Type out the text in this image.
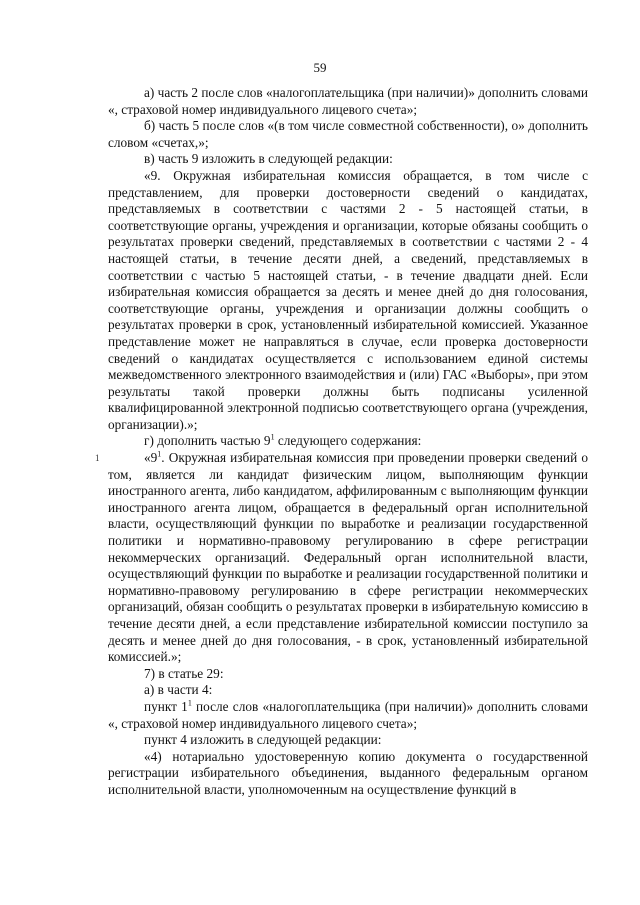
59
1

а) часть 2 после слов «налогоплательщика (при наличии)» дополнить словами «, страховой номер индивидуального лицевого счета»;

б) часть 5 после слов «(в том числе совместной собственности), о» дополнить словом «счетах,»;

в) часть 9 изложить в следующей редакции:

«9. Окружная избирательная комиссия обращается, в том числе с представлением, для проверки достоверности сведений о кандидатах, представляемых в соответствии с частями 2 - 5 настоящей статьи, в соответствующие органы, учреждения и организации, которые обязаны сообщить о результатах проверки сведений, представляемых в соответствии с частями 2 - 4 настоящей статьи, в течение десяти дней, а сведений, представляемых в соответствии с частью 5 настоящей статьи, - в течение двадцати дней. Если избирательная комиссия обращается за десять и менее дней до дня голосования, соответствующие органы, учреждения и организации должны сообщить о результатах проверки в срок, установленный избирательной комиссией. Указанное представление может не направляться в случае, если проверка достоверности сведений о кандидатах осуществляется с использованием единой системы межведомственного электронного взаимодействия и (или) ГАС «Выборы», при этом результаты такой проверки должны быть подписаны усиленной квалифицированной электронной подписью соответствующего органа (учреждения, организации).»;

г) дополнить частью $9^1$ следующего содержания:

«$9^1$. Окружная избирательная комиссия при проведении проверки сведений о том, является ли кандидат физическим лицом, выполняющим функции иностранного агента, либо кандидатом, аффилированным с выполняющим функции иностранного агента лицом, обращается в федеральный орган исполнительной власти, осуществляющий функции по выработке и реализации государственной политики и нормативно-правовому регулированию в сфере регистрации некоммерческих организаций. Федеральный орган исполнительной власти, осуществляющий функции по выработке и реализации государственной политики и нормативно-правовому регулированию в сфере регистрации некоммерческих организаций, обязан сообщить о результатах проверки в избирательную комиссию в течение десяти дней, а если представление избирательной комиссии поступило за десять и менее дней до дня голосования, - в срок, установленный избирательной комиссией.»;

7) в статье 29:

а) в части 4:

пункт $1^1$ после слов «налогоплательщика (при наличии)» дополнить словами «, страховой номер индивидуального лицевого счета»;

пункт 4 изложить в следующей редакции:

«4) нотариально удостоверенную копию документа о государственной регистрации избирательного объединения, выданного федеральным органом исполнительной власти, уполномоченным на осуществление функций в
